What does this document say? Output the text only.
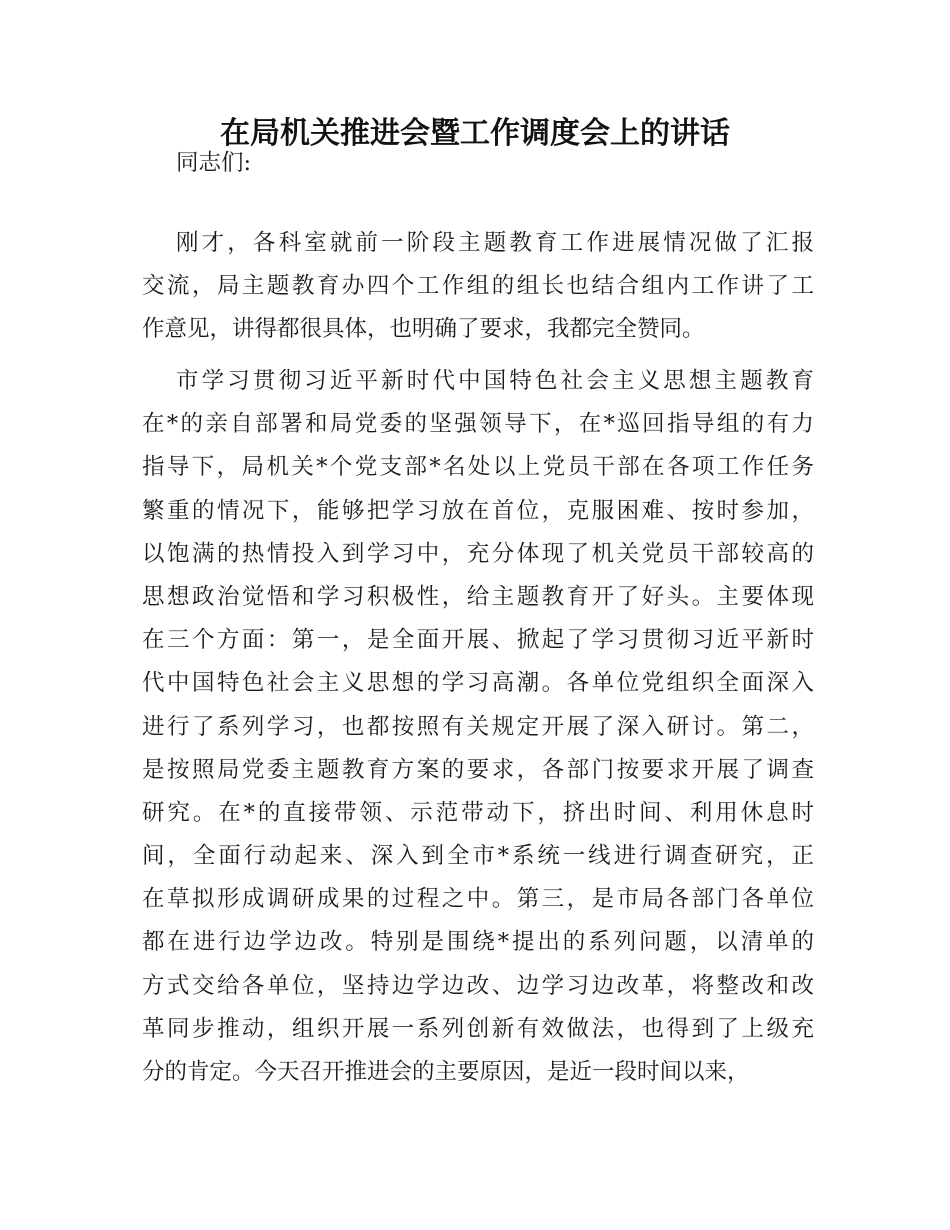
在局机关推进会暨工作调度会上的讲话
同志们:
刚才，各科室就前一阶段主题教育工作进展情况做了汇报
交流，局主题教育办四个工作组的组长也结合组内工作讲了工
作意见，讲得都很具体，也明确了要求，我都完全赞同。
市学习贯彻习近平新时代中国特色社会主义思想主题教育
在*的亲自部署和局党委的坚强领导下，在*巡回指导组的有力
指导下，局机关*个党支部*名处以上党员干部在各项工作任务
繁重的情况下，能够把学习放在首位，克服困难、按时参加，
以饱满的热情投入到学习中，充分体现了机关党员干部较高的
思想政治觉悟和学习积极性，给主题教育开了好头。主要体现
在三个方面：第一，是全面开展、掀起了学习贯彻习近平新时
代中国特色社会主义思想的学习高潮。各单位党组织全面深入
进行了系列学习，也都按照有关规定开展了深入研讨。第二，
是按照局党委主题教育方案的要求，各部门按要求开展了调查
研究。在*的直接带领、示范带动下，挤出时间、利用休息时
间，全面行动起来、深入到全市*系统一线进行调查研究，正
在草拟形成调研成果的过程之中。第三，是市局各部门各单位
都在进行边学边改。特别是围绕*提出的系列问题，以清单的
方式交给各单位，坚持边学边改、边学习边改革，将整改和改
革同步推动，组织开展一系列创新有效做法，也得到了上级充
分的肯定。今天召开推进会的主要原因，是近一段时间以来，
